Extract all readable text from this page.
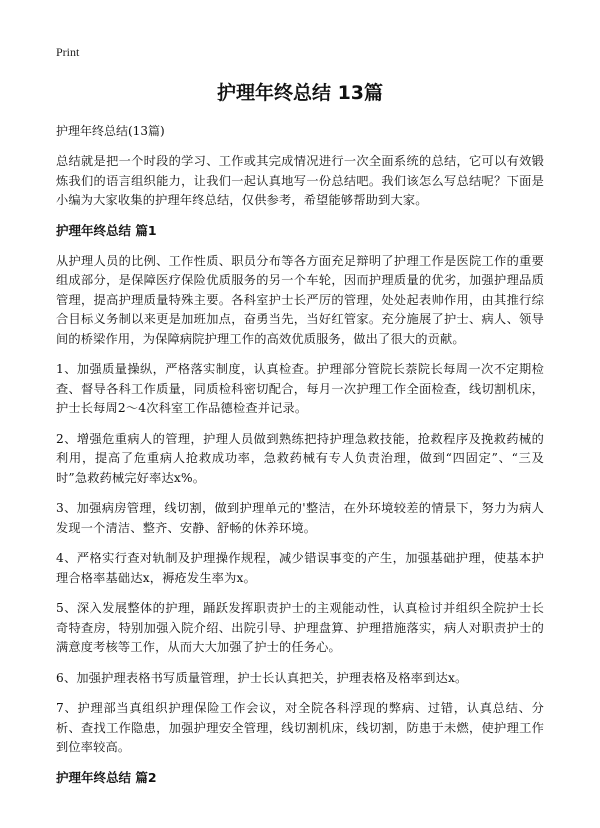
Print
护理年终总结 13篇
护理年终总结(13篇)

总结就是把一个时段的学习、工作或其完成情况进行一次全面系统的总结，它可以有效锻炼我们的语言组织能力，让我们一起认真地写一份总结吧。我们该怎么写总结呢？下面是小编为大家收集的护理年终总结，仅供参考，希望能够帮助到大家。

护理年终总结 篇1

从护理人员的比例、工作性质、职员分布等各方面充足辩明了护理工作是医院工作的重要组成部分，是保障医疗保险优质服务的另一个车轮，因而护理质量的优劣，加强护理品质管理，提高护理质量特殊主要。各科室护士长严厉的管理，处处起表帅作用，由其推行综合目标义务制以来更是加班加点，奋勇当先，当好红管家。充分施展了护士、病人、领导间的桥梁作用，为保障病院护理工作的高效优质服务，做出了很大的贡献。

1、加强质量操纵，严格落实制度，认真检查。护理部分管院长萘院长每周一次不定期检查、督导各科工作质量，同质检科密切配合，每月一次护理工作全面检查，线切割机床，护士长每周2～4次科室工作品德检查并记录。

2、增强危重病人的管理，护理人员做到熟练把持护理急救技能，抢救程序及挽救药械的利用，提高了危重病人抢救成功率，急救药械有专人负责治理，做到“四固定”、“三及时”急救药械完好率达x%。

3、加强病房管理，线切割，做到护理单元的'整洁，在外环境较差的情景下，努力为病人发现一个清洁、整齐、安静、舒畅的休养环境。

4、严格实行查对轨制及护理操作规程，减少错误事变的产生，加强基础护理，使基本护理合格率基础达x，褥疮发生率为x。

5、深入发展整体的护理，踊跃发挥职责护士的主观能动性，认真检讨并组织全院护士长奇特查房，特别加强入院介绍、出院引导、护理盘算、护理措施落实，病人对职责护士的满意度考核等工作，从而大大加强了护士的任务心。

6、加强护理表格书写质量管理，护士长认真把关，护理表格及格率到达x。

7、护理部当真组织护理保险工作会议，对全院各科浮现的弊病、过错，认真总结、分析、查找工作隐患，加强护理安全管理，线切割机床，线切割，防患于未燃，使护理工作到位率较高。

护理年终总结 篇2
